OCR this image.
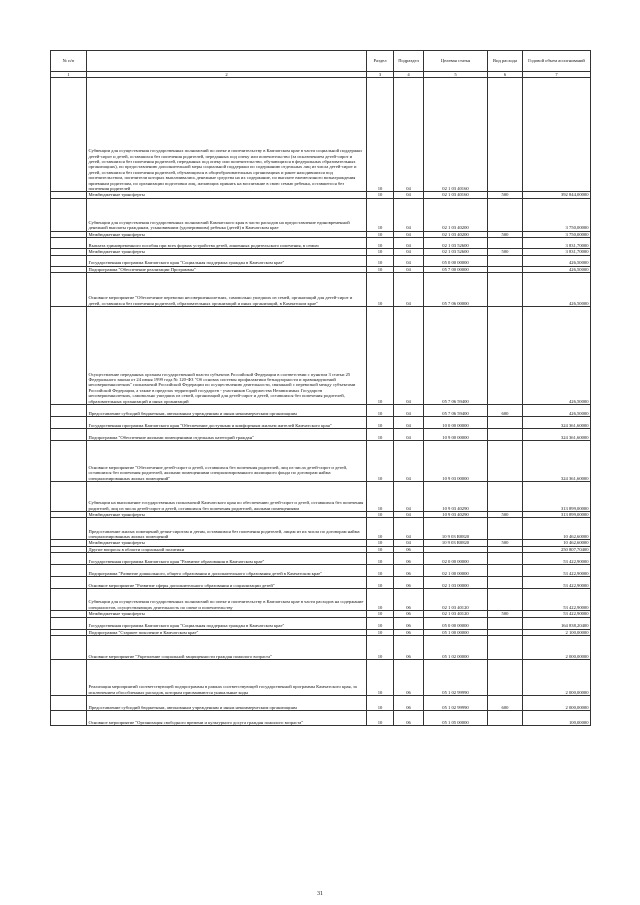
№ п/п		Раздел	Подраздел	Целевая статья	Вид расхода	Годовой объем ассигнований
1	2	3	4	5	6	7
	Субвенции для осуществления государственных полномочий по опеке и попечительству в Камчатском крае в части социальной поддержки детей-сирот и детей, оставшихся без попечения родителей, переданных под опеку или попечительство (за исключением детей-сирот и детей, оставшихся без попечения родителей, переданных под опеку или попечительство, обучающихся в федеральных образовательных организациях), по предоставлению дополнительной меры социальной поддержки по содержанию отдельных лиц из числа детей-сирот и детей, оставшихся без попечения родителей, обучающихся в общеобразовательных организациях и ранее находившихся под попечительством, попечители которых выплачивались денежные средства на их содержание, по выплате ежемесячного вознаграждения приемным родителям, по организации подготовки лиц, желающих принять на воспитание в свою семью ребенка, оставшегося без попечения родителей	10	04	02 1 03 40160		
	Межбюджетные трансферты	10	04	02 1 03 40160	500	392 844,00000
	Субвенции для осуществления государственных полномочий Камчатского края в части расходов на предоставление единовременной денежной выплаты гражданам, усыновившим (удочерившим) ребенка (детей) в Камчатском крае	10	04	02 1 03 40200		3 750,00000
	Межбюджетные трансферты	10	04	02 1 03 40200	500	3 750,00000
	Выплата единовременного пособия при всех формах устройства детей, лишенных родительского попечения, в семью	10	04	02 1 03 52600		3 831,70000
	Межбюджетные трансферты	10	04	02 1 03 52600	500	3 831,70000
	Государственная программа Камчатского края "Социальная поддержка граждан в Камчатском крае"	10	04	05 0 00 00000		426,50000
	Подпрограмма "Обеспечение реализации Программы"	10	04	05 7 00 00000		426,50000
	Основное мероприятие "Обеспечение перевозки несовершеннолетних, самовольно ушедших из семей, организаций для детей-сирот и детей, оставшихся без попечения родителей, образовательных организаций и иных организаций, в Камчатском крае"	10	04	05 7 06 00000		426,50000
	Осуществление переданных органам государственной власти субъектов Российской Федерации в соответствии с пунктом 3 статьи 25 Федерального закона от 24 июня 1999 года № 120-ФЗ "Об основах системы профилактики безнадзорности и правонарушений несовершеннолетних" полномочий Российской Федерации по осуществлению деятельности, связанной с перевозкой между субъектами Российской Федерации, а также в пределах территорий государств - участников Содружества Независимых Государств несовершеннолетних, самовольно ушедших из семей, организаций для детей-сирот и детей, оставшихся без попечения родителей, образовательных организаций и иных организаций	10	04	05 7 06 59400		426,50000
	Предоставление субсидий бюджетным, автономным учреждениям и иным некоммерческим организациям	10	04	05 7 06 59400	600	426,50000
	Государственная программа Камчатского края "Обеспечение доступным и комфортным жильем жителей Камчатского края"	10	04	10 0 00 00000		324 361,60000
	Подпрограмма "Обеспечение жилыми помещениями отдельных категорий граждан"	10	04	10 9 00 00000		324 361,60000
	Основное мероприятие "Обеспечение детей-сирот и детей, оставшихся без попечения родителей, лиц из числа детей-сирот и детей, оставшихся без попечения родителей, жилыми помещениями специализированного жилищного фонда по договорам найма специализированных жилых помещений"	10	04	10 9 03 00000		324 361,60000
	Субвенции на выполнение государственных полномочий Камчатского края по обеспечению детей-сирот и детей, оставшихся без попечения родителей, лиц из числа детей-сирот и детей, оставшихся без попечения родителей, жилыми помещениями	10	04	10 9 03 40290		313 899,00000
	Межбюджетные трансферты	10	04	10 9 03 40290	500	313 899,00000
	Предоставление жилых помещений детям-сиротам и детям, оставшимся без попечения родителей, лицам из их числа по договорам найма специализированных жилых помещений	10	04	10 9 03 R0820		10 462,60000
	Межбюджетные трансферты	10	04	10 9 03 R0820	500	10 462,60000
	Другие вопросы в области социальной политики	10	06			250 807,70400
	Государственная программа Камчатского края "Развитие образования в Камчатском крае"	10	06	02 0 00 00000		53 422,90000
	Подпрограмма "Развитие дошкольного, общего образования и дополнительного образования детей в Камчатском крае"	10	06	02 1 00 00000		53 422,90000
	Основное мероприятие "Развитие сферы дополнительного образования и социализации детей"	10	06	02 1 03 00000		53 422,90000
	Субвенции для осуществления государственных полномочий по опеке и попечительству в Камчатском крае в части расходов на содержание специалистов, осуществляющих деятельность по опеке и попечительству	10	06	02 1 03 40120		53 422,90000
	Межбюджетные трансферты	10	06	02 1 03 40120	500	53 422,90000
	Государственная программа Камчатского края "Социальная поддержка граждан в Камчатском крае"	10	06	05 0 00 00000		164 838,20400
	Подпрограмма "Старшее поколение в Камчатском крае"	10	06	05 1 00 00000		2 100,00000
	Основное мероприятие "Укрепление социальной защищенности граждан пожилого возраста"	10	06	05 1 02 00000		2 000,00000
	Реализация мероприятий соответствующей подпрограммы в рамках соответствующей государственной программы Камчатского края, за исключением обособленных расходов, которым присваиваются уникальные коды	10	06	05 1 02 99990		2 000,00000
	Предоставление субсидий бюджетным, автономным учреждениям и иным некоммерческим организациям	10	06	05 1 02 99990	600	2 000,00000
	Основное мероприятие "Организация свободного времени и культурного досуга граждан пожилого возраста"	10	06	05 1 05 00000		100,00000
31
